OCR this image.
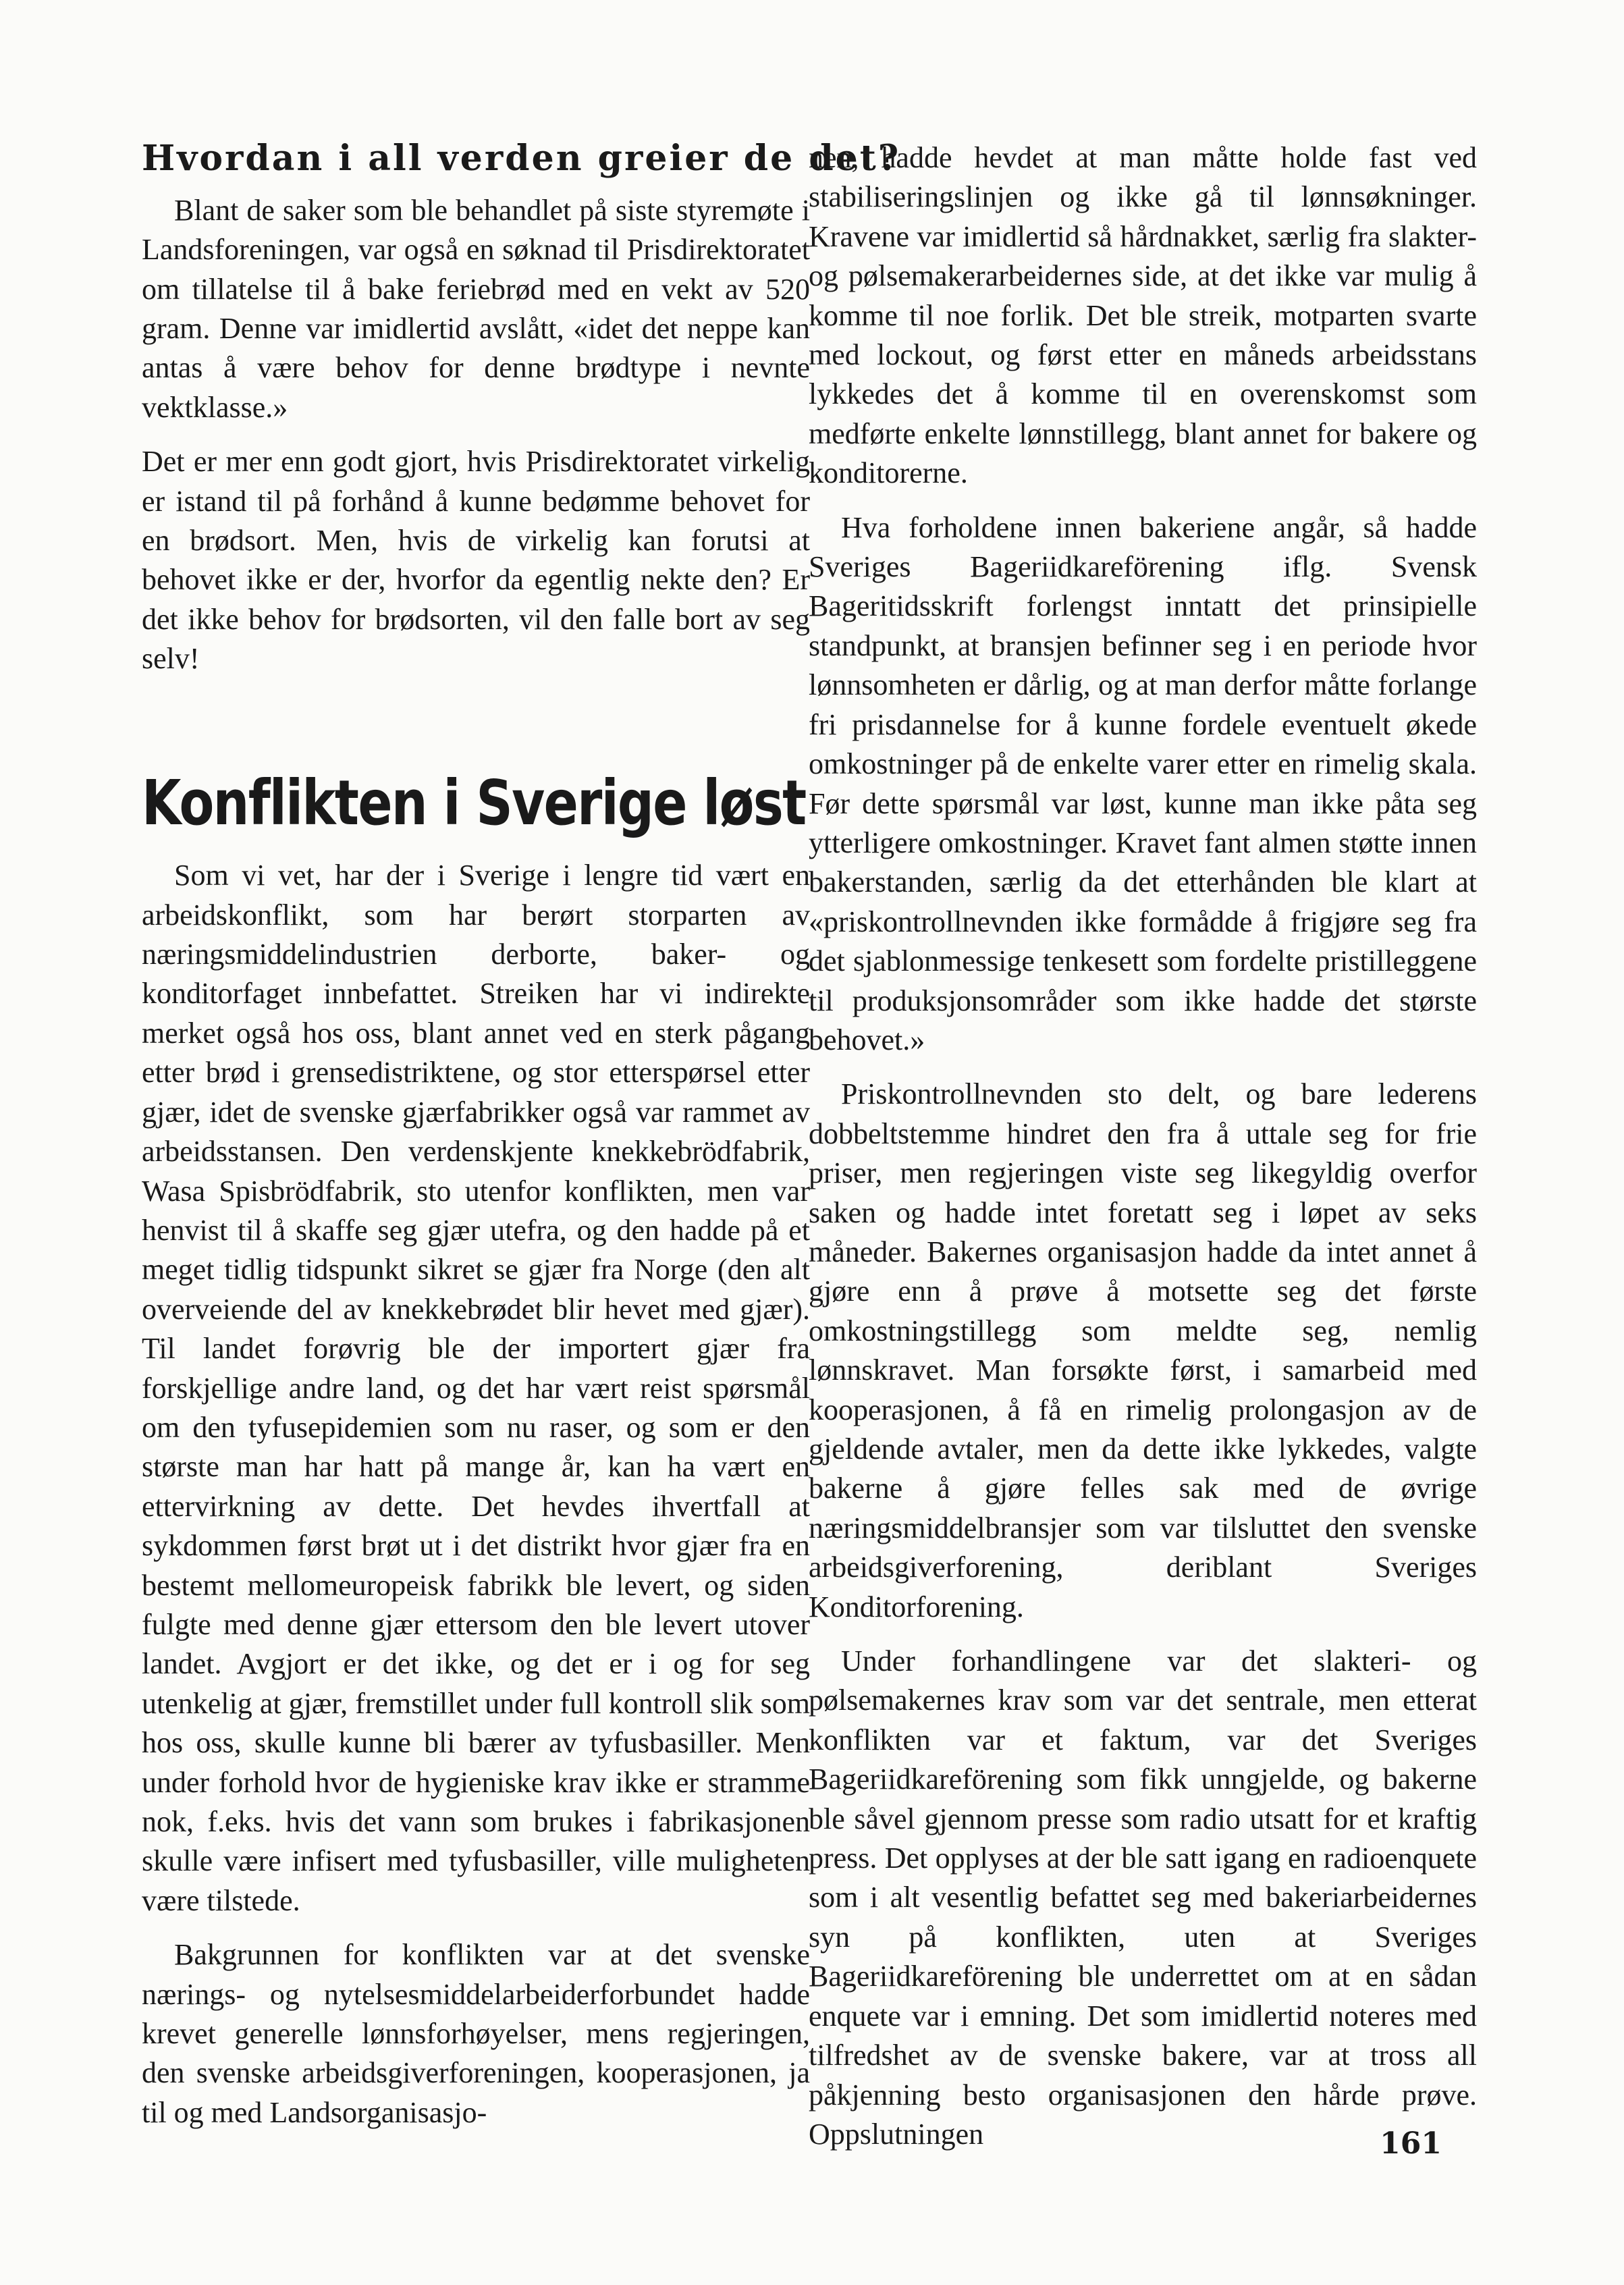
Hvordan i all verden greier de det?

Blant de saker som ble behandlet på siste styremøte i Landsforeningen, var også en søknad til Prisdirektoratet om tillatelse til å bake feriebrød med en vekt av 520 gram. Denne var imidlertid avslått, «idet det neppe kan antas å være behov for denne brødtype i nevnte vektklasse.»

Det er mer enn godt gjort, hvis Prisdirektoratet virkelig er istand til på forhånd å kunne bedømme behovet for en brødsort. Men, hvis de virkelig kan forutsi at behovet ikke er der, hvorfor da egentlig nekte den? Er det ikke behov for brødsorten, vil den falle bort av seg selv!

Konflikten i Sverige løst

Som vi vet, har der i Sverige i lengre tid vært en arbeidskonflikt, som har berørt storparten av næringsmiddelindustrien derborte, baker- og konditorfaget innbefattet. Streiken har vi indirekte merket også hos oss, blant annet ved en sterk pågang etter brød i grensedistriktene, og stor etterspørsel etter gjær, idet de svenske gjærfabrikker også var rammet av arbeidsstansen. Den verdenskjente knekkebrödfabrik, Wasa Spisbrödfabrik, sto utenfor konflikten, men var henvist til å skaffe seg gjær utefra, og den hadde på et meget tidlig tidspunkt sikret se gjær fra Norge (den alt overveiende del av knekkebrødet blir hevet med gjær). Til landet forøvrig ble der importert gjær fra forskjellige andre land, og det har vært reist spørsmål om den tyfusepidemien som nu raser, og som er den største man har hatt på mange år, kan ha vært en ettervirkning av dette. Det hevdes ihvertfall at sykdommen først brøt ut i det distrikt hvor gjær fra en bestemt mellomeuropeisk fabrikk ble levert, og siden fulgte med denne gjær ettersom den ble levert utover landet. Avgjort er det ikke, og det er i og for seg utenkelig at gjær, fremstillet under full kontroll slik som hos oss, skulle kunne bli bærer av tyfusbasiller. Men under forhold hvor de hygieniske krav ikke er stramme nok, f.eks. hvis det vann som brukes i fabrikasjonen skulle være infisert med tyfusbasiller, ville muligheten være tilstede.

Bakgrunnen for konflikten var at det svenske nærings- og nytelsesmiddelarbeiderforbundet hadde krevet generelle lønnsforhøyelser, mens regjeringen, den svenske arbeidsgiverforeningen, kooperasjonen, ja til og med Landsorganisasjo-

nen, hadde hevdet at man måtte holde fast ved stabiliseringslinjen og ikke gå til lønnsøkninger. Kravene var imidlertid så hårdnakket, særlig fra slakter- og pølsemakerarbeidernes side, at det ikke var mulig å komme til noe forlik. Det ble streik, motparten svarte med lockout, og først etter en måneds arbeidsstans lykkedes det å komme til en overenskomst som medførte enkelte lønnstillegg, blant annet for bakere og konditorerne.

Hva forholdene innen bakeriene angår, så hadde Sveriges Bageriidkareförening iflg. Svensk Bageritidsskrift forlengst inntatt det prinsipielle standpunkt, at bransjen befinner seg i en periode hvor lønnsomheten er dårlig, og at man derfor måtte forlange fri prisdannelse for å kunne fordele eventuelt økede omkostninger på de enkelte varer etter en rimelig skala. Før dette spørsmål var løst, kunne man ikke påta seg ytterligere omkostninger. Kravet fant almen støtte innen bakerstanden, særlig da det etterhånden ble klart at «priskontrollnevnden ikke formådde å frigjøre seg fra det sjablonmessige tenkesett som fordelte pristilleggene til produksjonsområder som ikke hadde det største behovet.»

Priskontrollnevnden sto delt, og bare lederens dobbeltstemme hindret den fra å uttale seg for frie priser, men regjeringen viste seg likegyldig overfor saken og hadde intet foretatt seg i løpet av seks måneder. Bakernes organisasjon hadde da intet annet å gjøre enn å prøve å motsette seg det første omkostningstillegg som meldte seg, nemlig lønnskravet. Man forsøkte først, i samarbeid med kooperasjonen, å få en rimelig prolongasjon av de gjeldende avtaler, men da dette ikke lykkedes, valgte bakerne å gjøre felles sak med de øvrige næringsmiddelbransjer som var tilsluttet den svenske arbeidsgiverforening, deriblant Sveriges Konditorforening.

Under forhandlingene var det slakteri- og pølsemakernes krav som var det sentrale, men etterat konflikten var et faktum, var det Sveriges Bageriidkareförening som fikk unngjelde, og bakerne ble såvel gjennom presse som radio utsatt for et kraftig press. Det opplyses at der ble satt igang en radioenquete som i alt vesentlig befattet seg med bakeriarbeidernes syn på konflikten, uten at Sveriges Bageriidkareförening ble underrettet om at en sådan enquete var i emning. Det som imidlertid noteres med tilfredshet av de svenske bakere, var at tross all påkjenning besto organisasjonen den hårde prøve. Oppslutningen	161
